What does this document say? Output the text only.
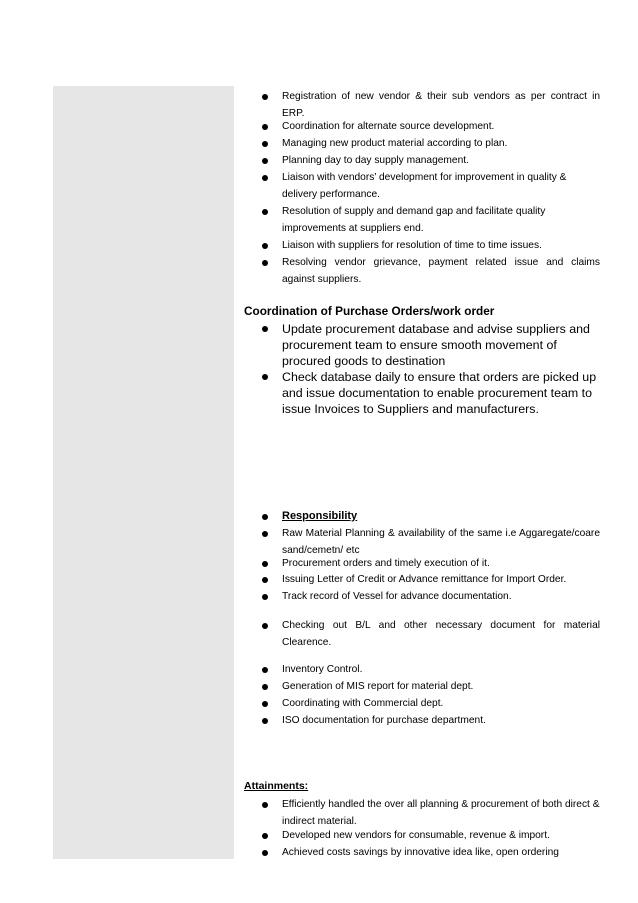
Registration of new vendor & their sub vendors as per contract in ERP.
Coordination for alternate source development.
Managing new product material according to plan.
Planning day to day supply management.
Liaison with vendors’ development for improvement in quality & delivery performance.
Resolution of supply and demand gap and facilitate quality improvements at suppliers end.
Liaison with suppliers for resolution of time to time issues.
Resolving vendor grievance, payment related issue and claims against suppliers.
Coordination of Purchase Orders/work order
Update procurement database and advise suppliers and procurement team to ensure smooth movement of procured goods to destination
Check database daily to ensure that orders are picked up and issue documentation to enable procurement team to issue Invoices to Suppliers and manufacturers.
Responsibility
Raw Material Planning & availability of the same i.e Aggaregate/coare sand/cemetn/ etc
Procurement orders and timely execution of it.
Issuing Letter of Credit or Advance remittance for Import Order.
Track record of Vessel for advance documentation.
Checking out B/L and other necessary document for material Clearence.
Inventory Control.
Generation of MIS report for material dept.
Coordinating with Commercial dept.
ISO documentation for purchase department.
Attainments:
Efficiently handled the over all planning & procurement of both direct & indirect material.
Developed new vendors for consumable, revenue & import.
Achieved costs savings by innovative idea like, open ordering
